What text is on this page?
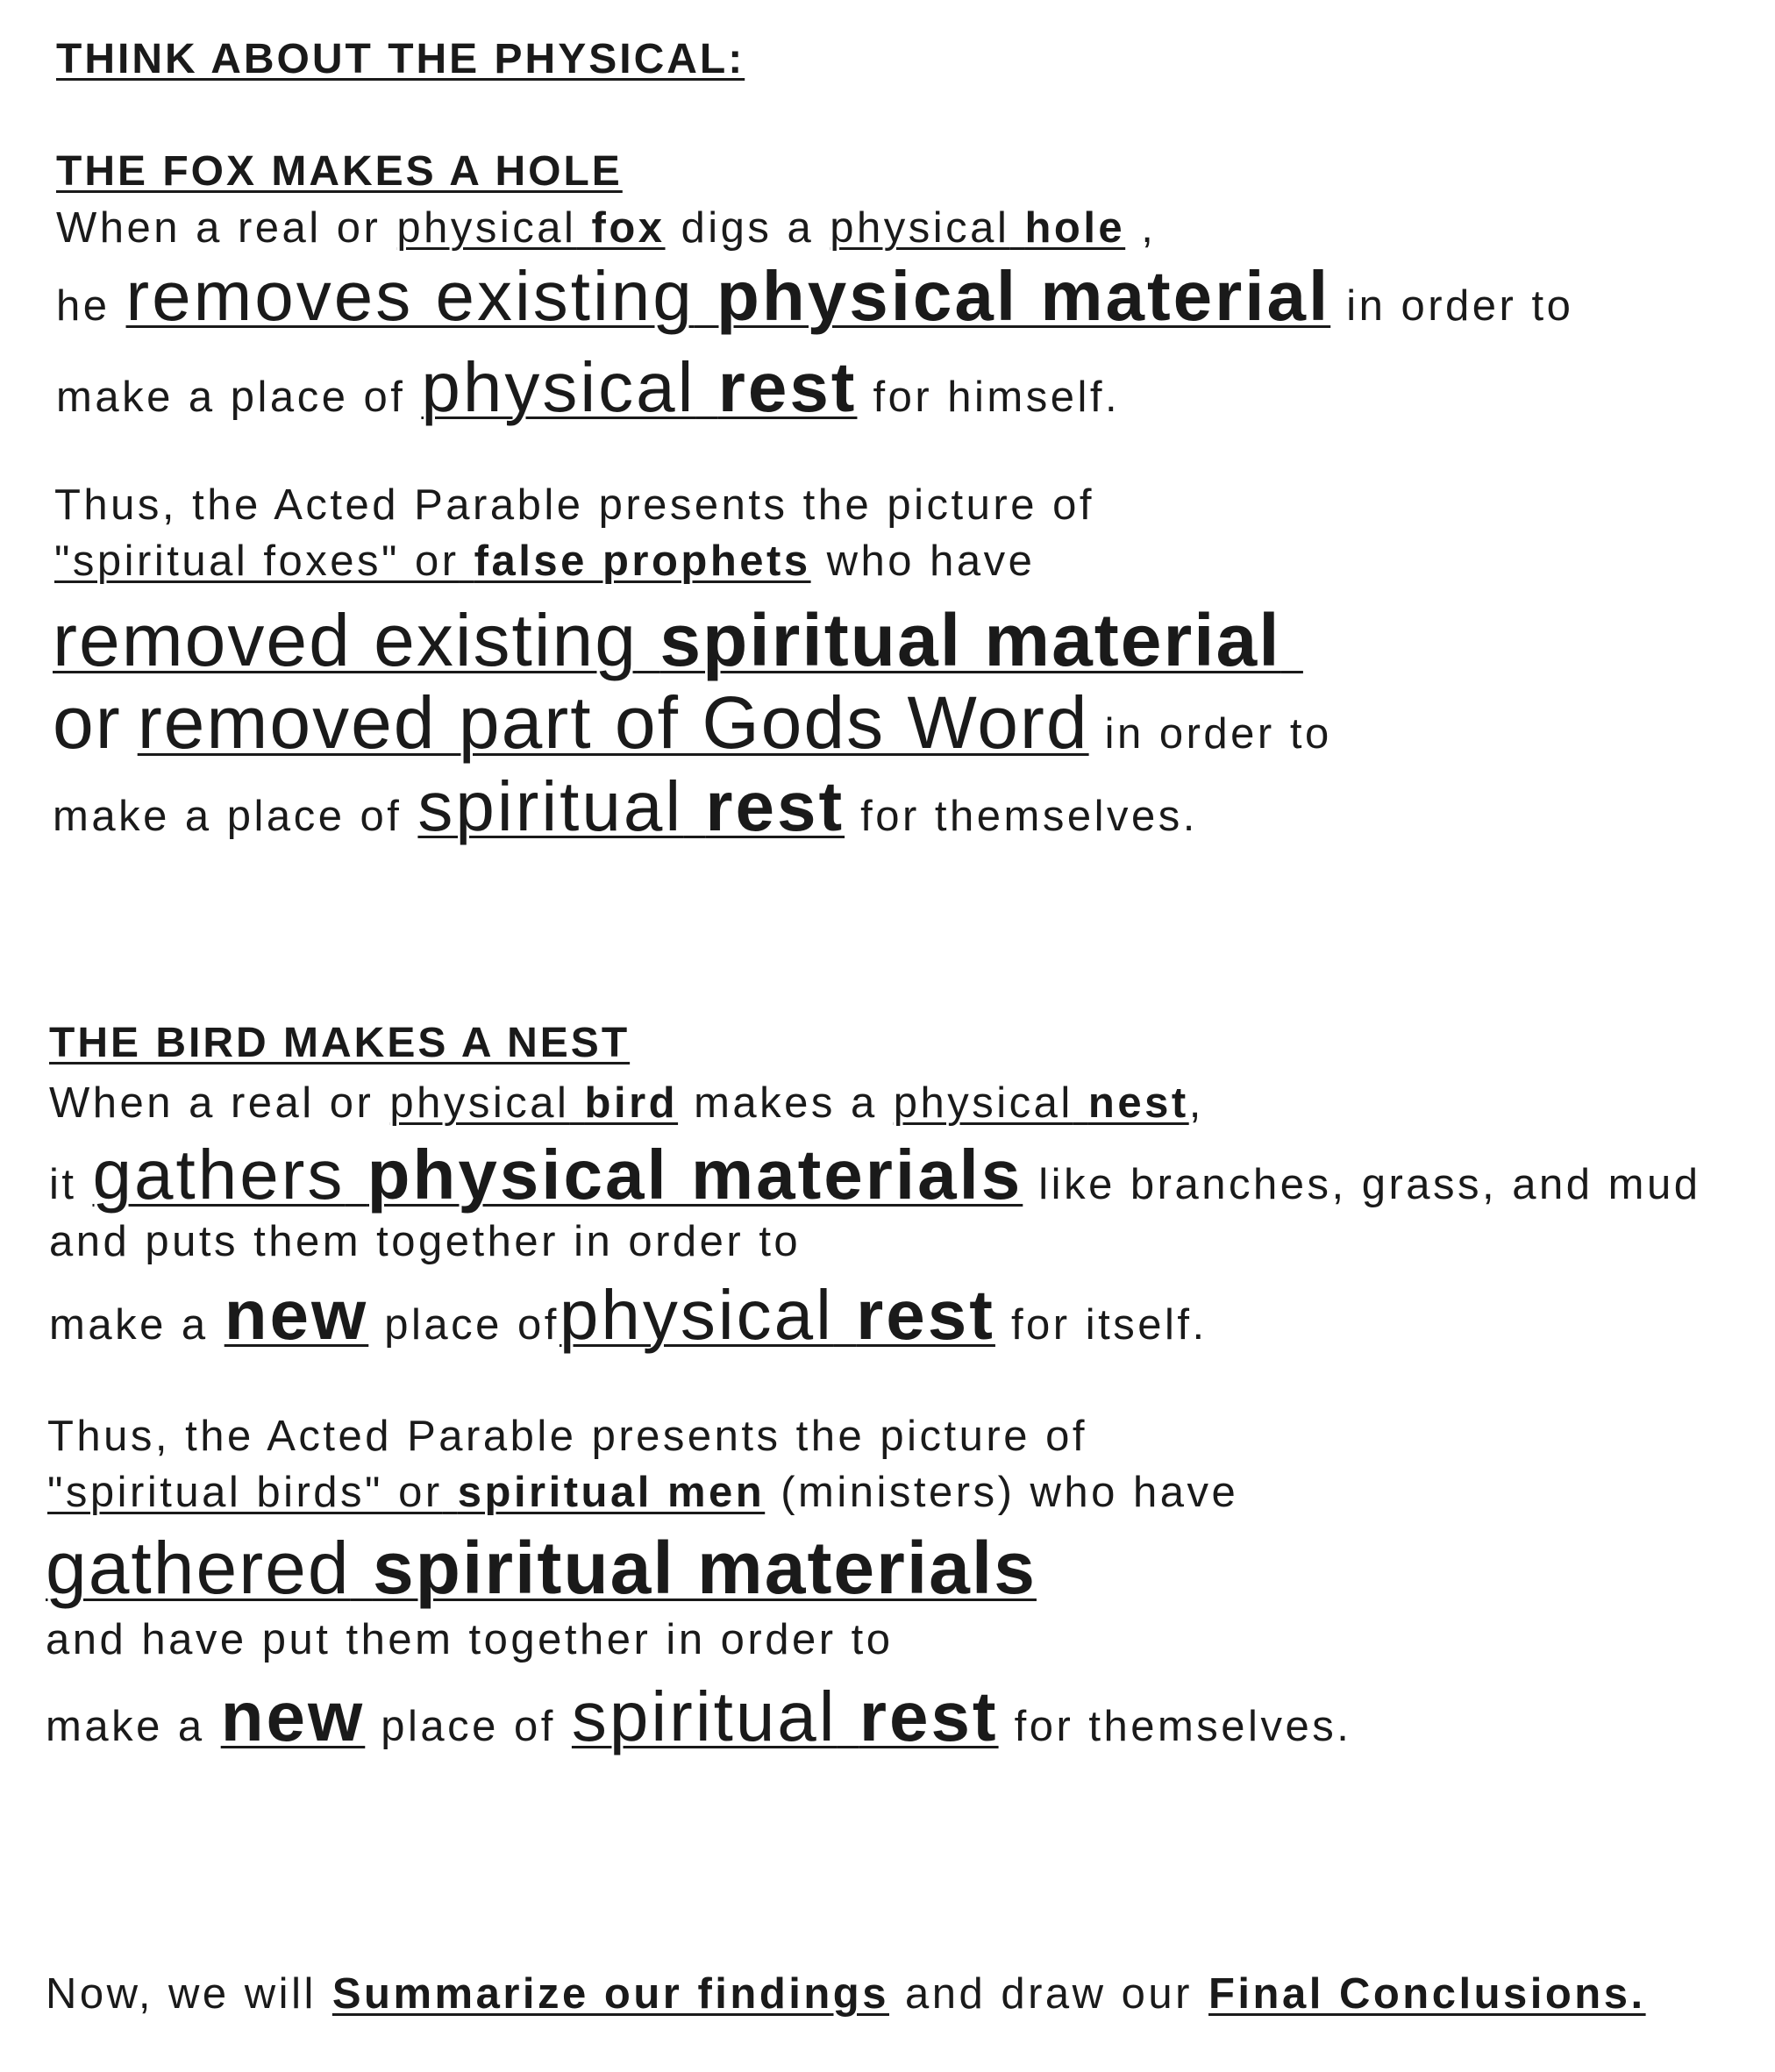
THINK ABOUT THE PHYSICAL:
THE FOX MAKES A HOLE
When a real or physical fox digs a physical hole ,
he removes existing physical material in order to
make a place of physical rest for himself.
Thus, the Acted Parable presents the picture of
"spiritual foxes" or false prophets who have
removed existing spiritual material
or removed part of Gods Word in order to
make a place of spiritual rest for themselves.
THE BIRD MAKES A NEST
When a real or physical bird makes a physical nest,
it gathers physical materials like branches, grass, and mud
and puts them together in order to
make a new place ofphysical rest for itself.
Thus, the Acted Parable presents the picture of
"spiritual birds" or spiritual men (ministers) who have
gathered spiritual materials
and have put them together in order to
make a new place of spiritual rest for themselves.
Now, we will Summarize our findings and draw our Final Conclusions.
